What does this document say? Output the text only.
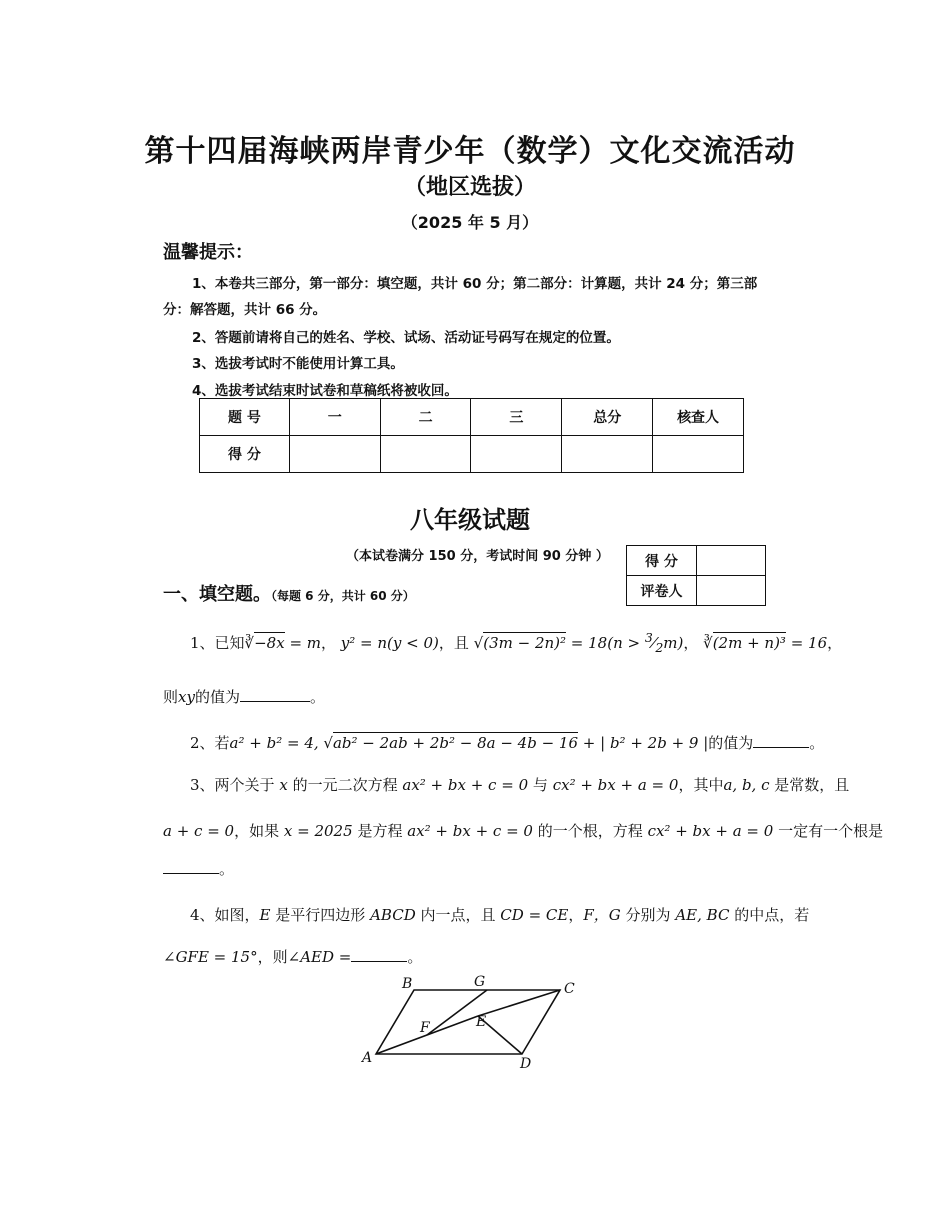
第十四届海峡两岸青少年（数学）文化交流活动
（地区选拔）
（2025 年 5 月）
温馨提示：
1、本卷共三部分，第一部分：填空题，共计 60 分；第二部分：计算题，共计 24 分；第三部
分：解答题，共计 66 分。
2、答题前请将自己的姓名、学校、试场、活动证号码写在规定的位置。
3、选拔考试时不能使用计算工具。
4、选拔考试结束时试卷和草稿纸将被收回。
题 号	一	二	三	总分	核查人
得 分					
八年级试题
（本试卷满分 150 分，考试时间 90 分钟 ）	得 分	
评卷人	
一、填空题。（每题 6 分，共计 60 分）
1、已知∛−8x = m， y² = n(y < 0)，且 $√(3m - 2n)^2 = 18(n > ^3⁄_2m)$， ∛(2m + n)³ = 16，
则xy的值为	。
2、若a² + b² = 4, √ab² − 2ab + 2b² − 8a − 4b − 16 + | b² + 2b + 9 |的值为	。
3、两个关于 x 的一元二次方程 ax² + bx + c = 0 与 cx² + bx + a = 0，其中a, b, c 是常数，且
a + c = 0，如果 x = 2025 是方程 ax² + bx + c = 0 的一个根，方程 cx² + bx + a = 0 一定有一个根是
。
4、如图，E 是平行四边形 ABCD 内一点，且 CD = CE，F，G 分别为 AE, BC 的中点，若
∠GFE = 15°，则∠AED =	。
A
B	C
D
E
F
G
